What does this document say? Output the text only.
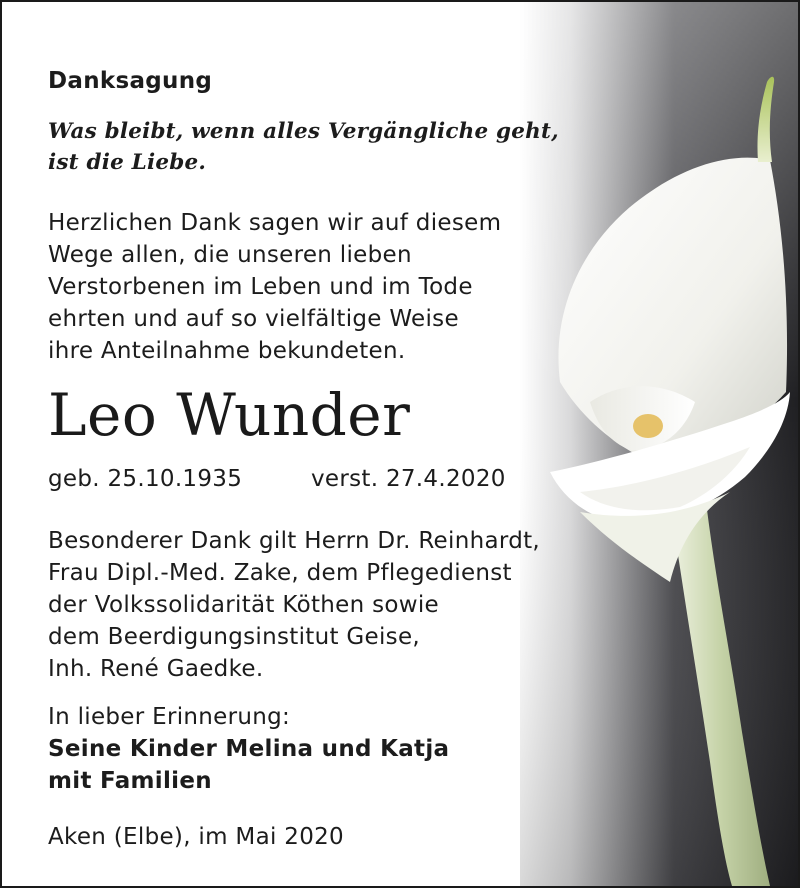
Danksagung

Was bleibt, wenn alles Vergängliche geht,

ist die Liebe.

Herzlichen Dank sagen wir auf diesem

Wege allen, die unseren lieben

Verstorbenen im Leben und im Tode

ehrten und auf so vielfältige Weise

ihre Anteilnahme bekundeten.

Leo Wunder

geb. 25.10.1935	verst. 27.4.2020

Besonderer Dank gilt Herrn Dr. Reinhardt,

Frau Dipl.-Med. Zake, dem Pflegedienst

der Volkssolidarität Köthen sowie

dem Beerdigungsinstitut Geise,

Inh. René Gaedke.

In lieber Erinnerung:

Seine Kinder Melina und Katja

mit Familien

Aken (Elbe), im Mai 2020
